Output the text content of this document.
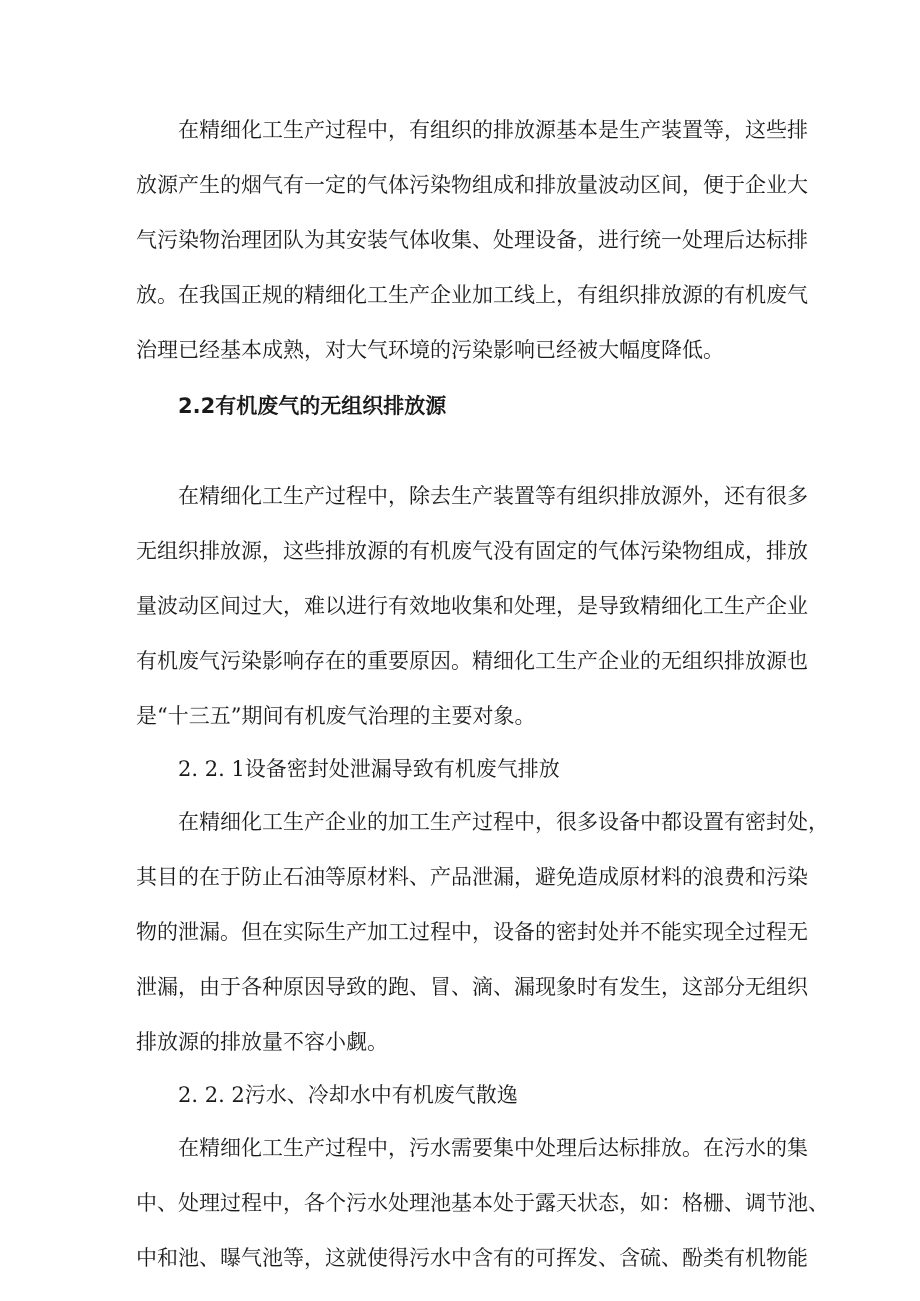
在精细化工生产过程中，有组织的排放源基本是生产装置等，这些排
放源产生的烟气有一定的气体污染物组成和排放量波动区间，便于企业大
气污染物治理团队为其安装气体收集、处理设备，进行统一处理后达标排
放。在我国正规的精细化工生产企业加工线上，有组织排放源的有机废气
治理已经基本成熟，对大气环境的污染影响已经被大幅度降低。
2.2有机废气的无组织排放源
在精细化工生产过程中，除去生产装置等有组织排放源外，还有很多
无组织排放源，这些排放源的有机废气没有固定的气体污染物组成，排放
量波动区间过大，难以进行有效地收集和处理，是导致精细化工生产企业
有机废气污染影响存在的重要原因。精细化工生产企业的无组织排放源也
是“十三五”期间有机废气治理的主要对象。
2. 2. 1设备密封处泄漏导致有机废气排放
在精细化工生产企业的加工生产过程中，很多设备中都设置有密封处，
其目的在于防止石油等原材料、产品泄漏，避免造成原材料的浪费和污染
物的泄漏。但在实际生产加工过程中，设备的密封处并不能实现全过程无
泄漏，由于各种原因导致的跑、冒、滴、漏现象时有发生，这部分无组织
排放源的排放量不容小觑。
2. 2. 2污水、冷却水中有机废气散逸
在精细化工生产过程中，污水需要集中处理后达标排放。在污水的集
中、处理过程中，各个污水处理池基本处于露天状态，如：格栅、调节池、
中和池、曝气池等，这就使得污水中含有的可挥发、含硫、酚类有机物能
